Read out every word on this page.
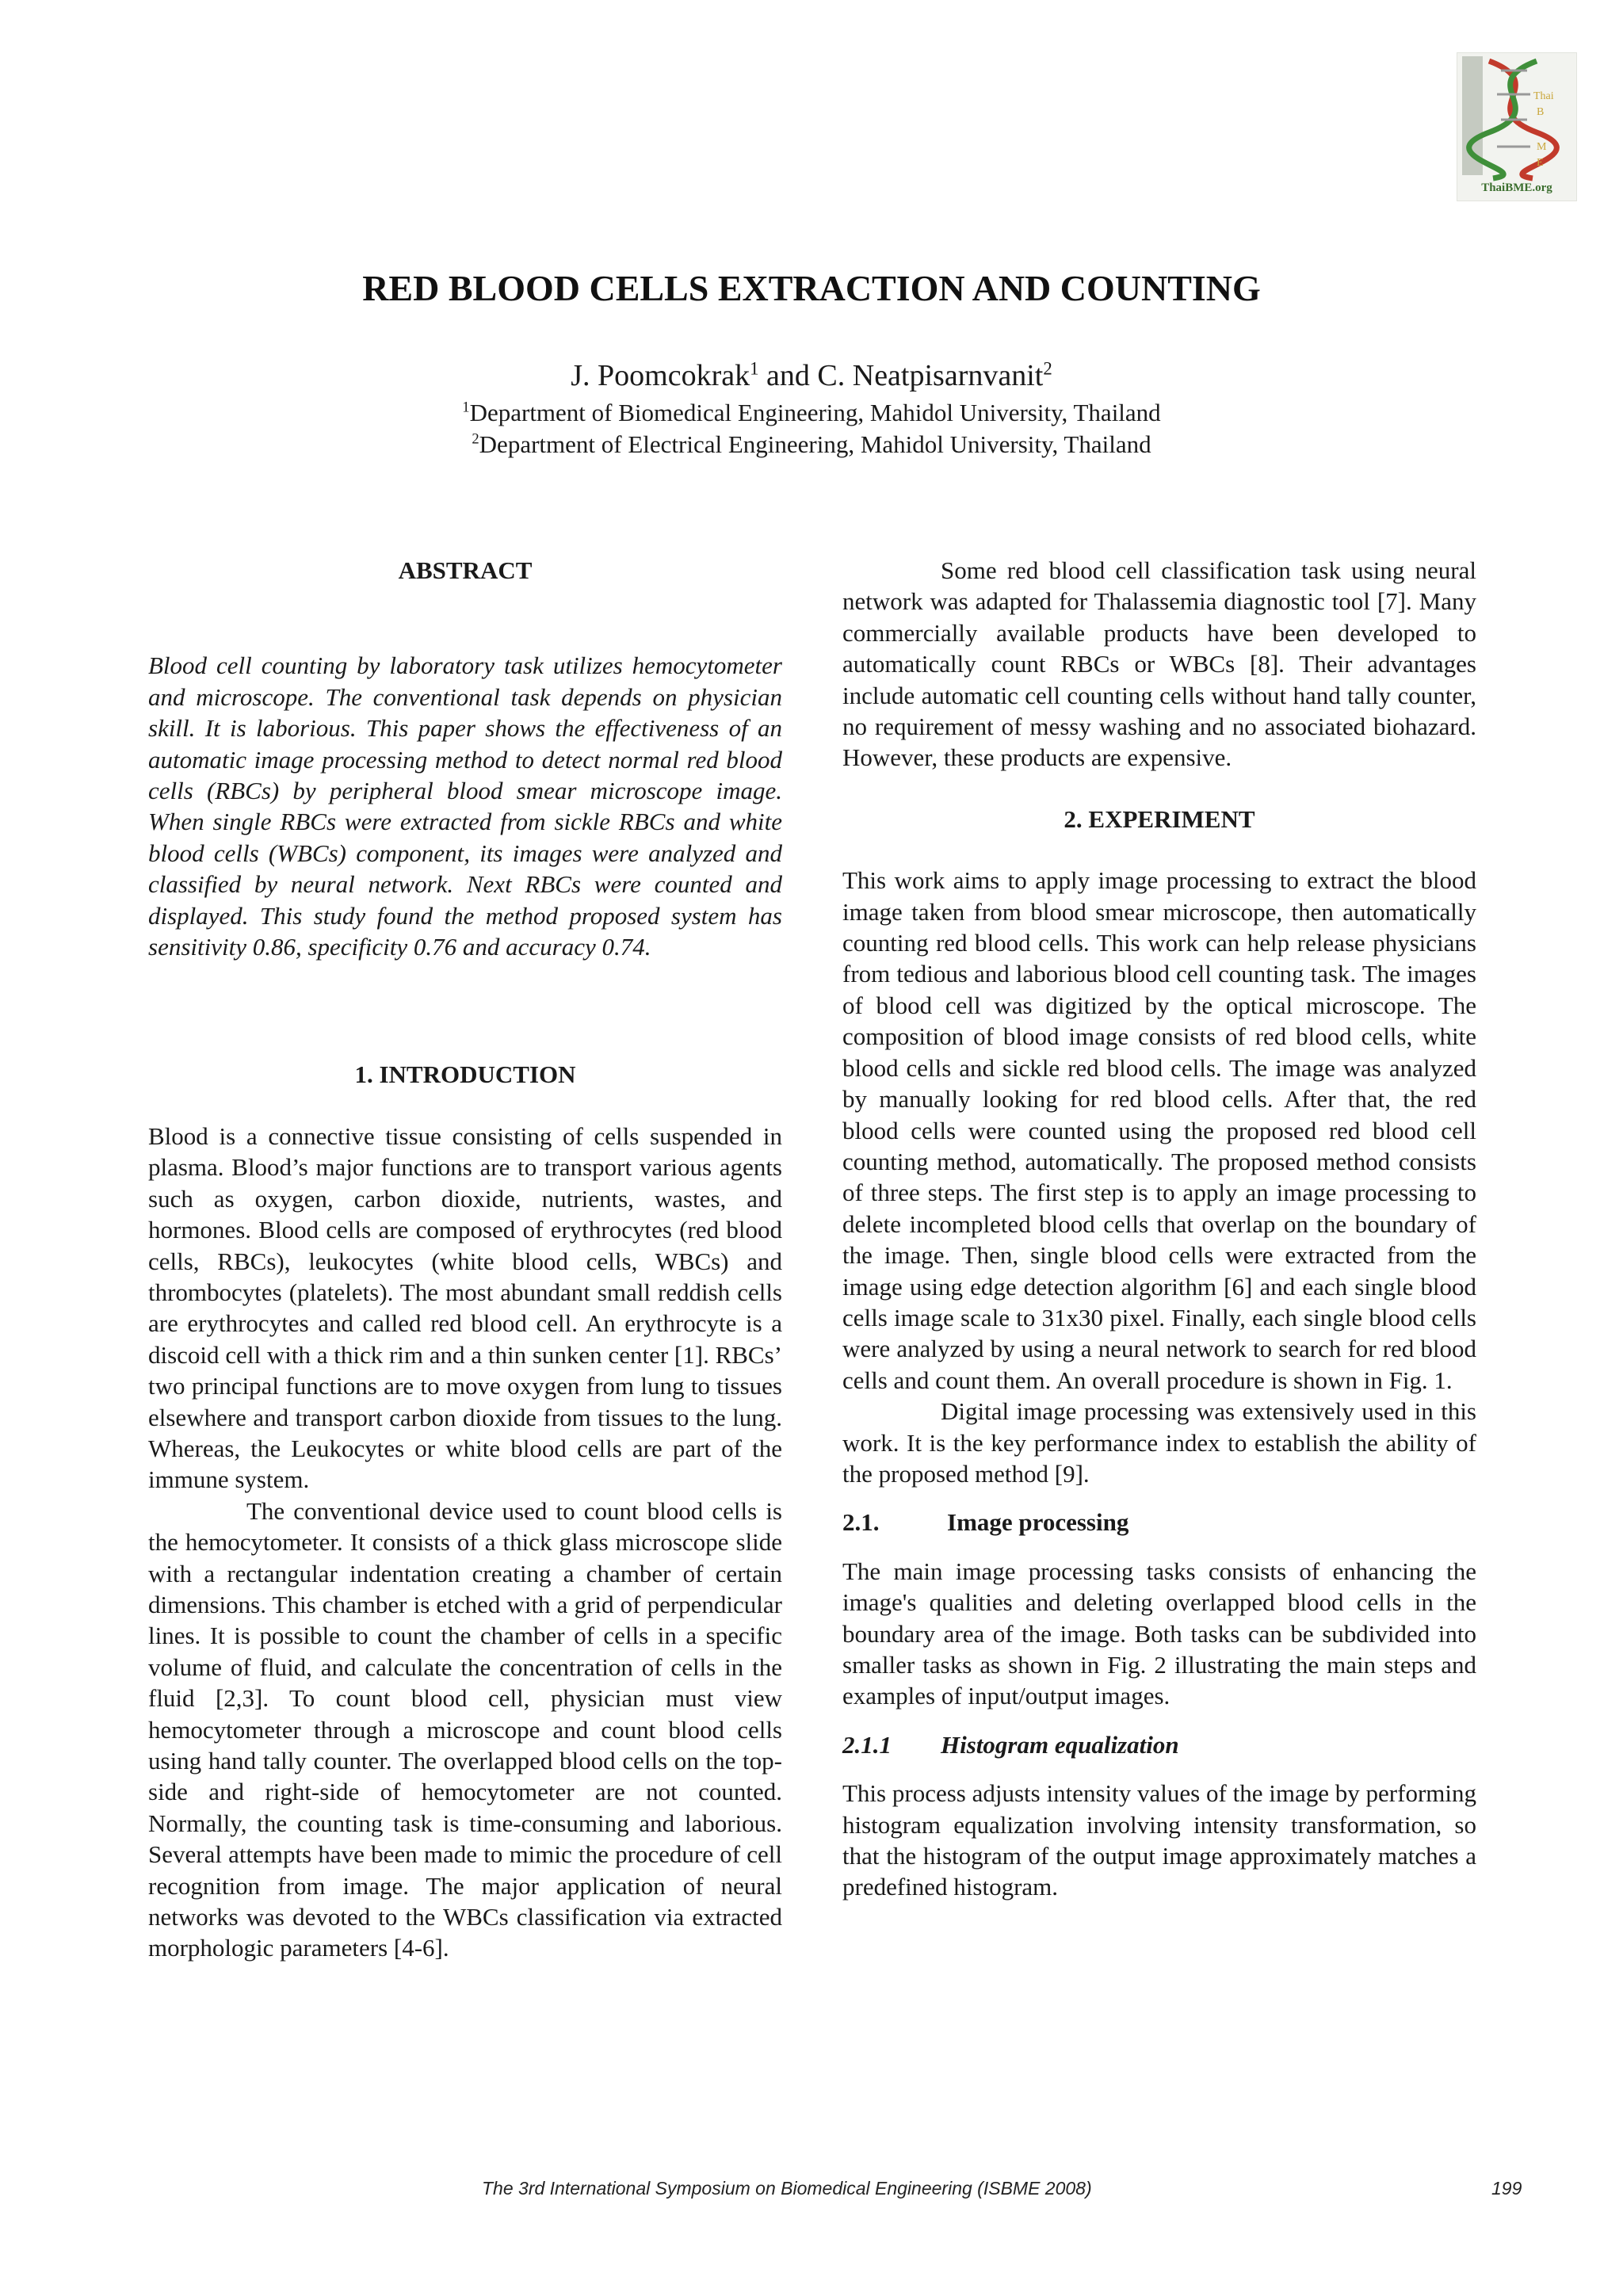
Thai
B
M
E
ThaiBME.org
RED BLOOD CELLS EXTRACTION AND COUNTING
J. Poomcokrak$^1$ and C. Neatpisarnvanit$^2$
$^1$Department of Biomedical Engineering, Mahidol University, Thailand
$^2$Department of Electrical Engineering, Mahidol University, Thailand

ABSTRACT

Blood cell counting by laboratory task utilizes hemocytometer and microscope. The conventional task depends on physician skill. It is laborious. This paper shows the effectiveness of an automatic image processing method to detect normal red blood cells (RBCs) by peripheral blood smear microscope image. When single RBCs were extracted from sickle RBCs and white blood cells (WBCs) component, its images were analyzed and classified by neural network. Next RBCs were counted and displayed. This study found the method proposed system has sensitivity 0.86, specificity 0.76 and accuracy 0.74.

1. INTRODUCTION

Blood is a connective tissue consisting of cells suspended in plasma. Blood’s major functions are to transport various agents such as oxygen, carbon dioxide, nutrients, wastes, and hormones. Blood cells are composed of erythrocytes (red blood cells, RBCs), leukocytes (white blood cells, WBCs) and thrombocytes (platelets). The most abundant small reddish cells are erythrocytes and called red blood cell. An erythrocyte is a discoid cell with a thick rim and a thin sunken center [1]. RBCs’ two principal functions are to move oxygen from lung to tissues elsewhere and transport carbon dioxide from tissues to the lung. Whereas, the Leukocytes or white blood cells are part of the immune system.

The conventional device used to count blood cells is the hemocytometer. It consists of a thick glass microscope slide with a rectangular indentation creating a chamber of certain dimensions. This chamber is etched with a grid of perpendicular lines. It is possible to count the chamber of cells in a specific volume of fluid, and calculate the concentration of cells in the fluid [2,3]. To count blood cell, physician must view hemocytometer through a microscope and count blood cells using hand tally counter. The overlapped blood cells on the top-side and right-side of hemocytometer are not counted. Normally, the counting task is time-consuming and laborious. Several attempts have been made to mimic the procedure of cell recognition from image. The major application of neural networks was devoted to the WBCs classification via extracted morphologic parameters [4-6].

Some red blood cell classification task using neural network was adapted for Thalassemia diagnostic tool [7]. Many commercially available products have been developed to automatically count RBCs or WBCs [8]. Their advantages include automatic cell counting cells without hand tally counter, no requirement of messy washing and no associated biohazard. However, these products are expensive.

2. EXPERIMENT

This work aims to apply image processing to extract the blood image taken from blood smear microscope, then automatically counting red blood cells. This work can help release physicians from tedious and laborious blood cell counting task. The images of blood cell was digitized by the optical microscope. The composition of blood image consists of red blood cells, white blood cells and sickle red blood cells. The image was analyzed by manually looking for red blood cells. After that, the red blood cells were counted using the proposed red blood cell counting method, automatically. The proposed method consists of three steps. The first step is to apply an image processing to delete incompleted blood cells that overlap on the boundary of the image. Then, single blood cells were extracted from the image using edge detection algorithm [6] and each single blood cells image scale to 31x30 pixel. Finally, each single blood cells were analyzed by using a neural network to search for red blood cells and count them. An overall procedure is shown in Fig. 1.

Digital image processing was extensively used in this work. It is the key performance index to establish the ability of the proposed method [9].

2.1.	Image processing

The main image processing tasks consists of enhancing the image's qualities and deleting overlapped blood cells in the boundary area of the image. Both tasks can be subdivided into smaller tasks as shown in Fig. 2 illustrating the main steps and examples of input/output images.

2.1.1 Histogram equalization

This process adjusts intensity values of the image by performing histogram equalization involving intensity transformation, so that the histogram of the output image approximately matches a predefined histogram.

The 3rd International Symposium on Biomedical Engineering (ISBME 2008)	199
